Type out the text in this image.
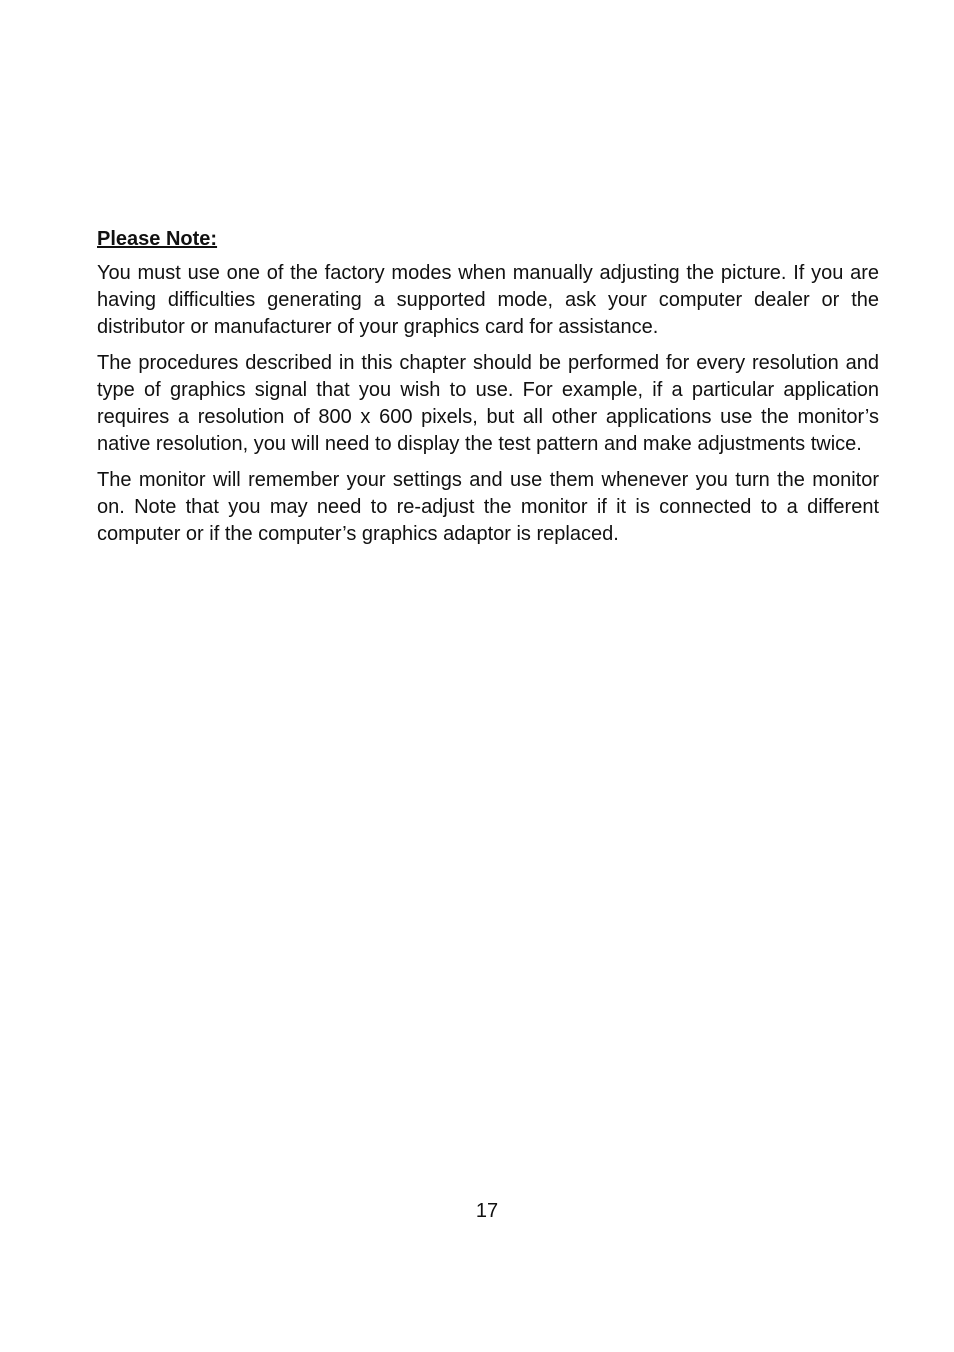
Please Note:

You must use one of the factory modes when manually adjusting the picture. If you are having difficulties generating a supported mode, ask your computer dealer or the distributor or manufacturer of your graphics card for assistance.

The procedures described in this chapter should be performed for every resolution and type of graphics signal that you wish to use. For example, if a particular application requires a resolution of 800 x 600 pixels, but all other applications use the monitor’s native resolution, you will need to display the test pattern and make adjustments twice.

The monitor will remember your settings and use them whenever you turn the monitor on. Note that you may need to re-adjust the monitor if it is connected to a different computer or if the computer’s graphics adaptor is replaced.

17
